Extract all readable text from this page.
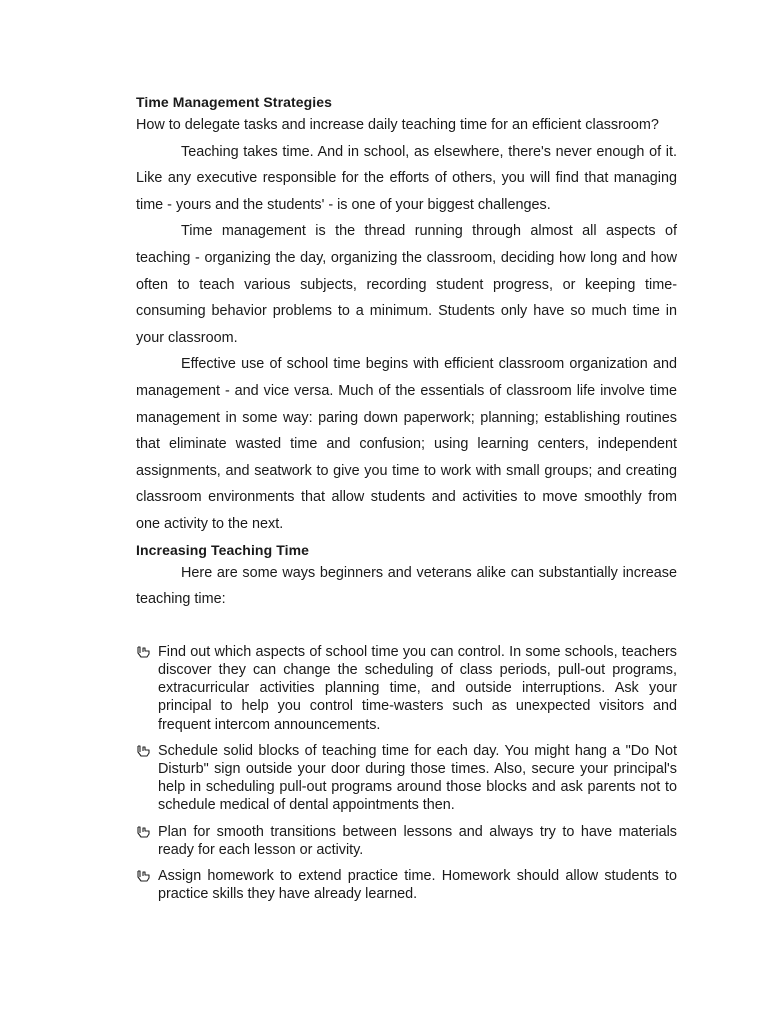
Time Management Strategies

How to delegate tasks and increase daily teaching time for an efficient classroom?

Teaching takes time. And in school, as elsewhere, there's never enough of it. Like any executive responsible for the efforts of others, you will find that managing time - yours and the students' - is one of your biggest challenges.

Time management is the thread running through almost all aspects of teaching - organizing the day, organizing the classroom, deciding how long and how often to teach various subjects, recording student progress, or keeping time-consuming behavior problems to a minimum. Students only have so much time in your classroom.

Effective use of school time begins with efficient classroom organization and management - and vice versa. Much of the essentials of classroom life involve time management in some way: paring down paperwork; planning; establishing routines that eliminate wasted time and confusion; using learning centers, independent assignments, and seatwork to give you time to work with small groups; and creating classroom environments that allow students and activities to move smoothly from one activity to the next.

Increasing Teaching Time

Here are some ways beginners and veterans alike can substantially increase teaching time:

Find out which aspects of school time you can control. In some schools, teachers discover they can change the scheduling of class periods, pull-out programs, extracurricular activities planning time, and outside interruptions. Ask your principal to help you control time-wasters such as unexpected visitors and frequent intercom announcements.
Schedule solid blocks of teaching time for each day. You might hang a "Do Not Disturb" sign outside your door during those times. Also, secure your principal's help in scheduling pull-out programs around those blocks and ask parents not to schedule medical of dental appointments then.
Plan for smooth transitions between lessons and always try to have materials ready for each lesson or activity.
Assign homework to extend practice time. Homework should allow students to practice skills they have already learned.
